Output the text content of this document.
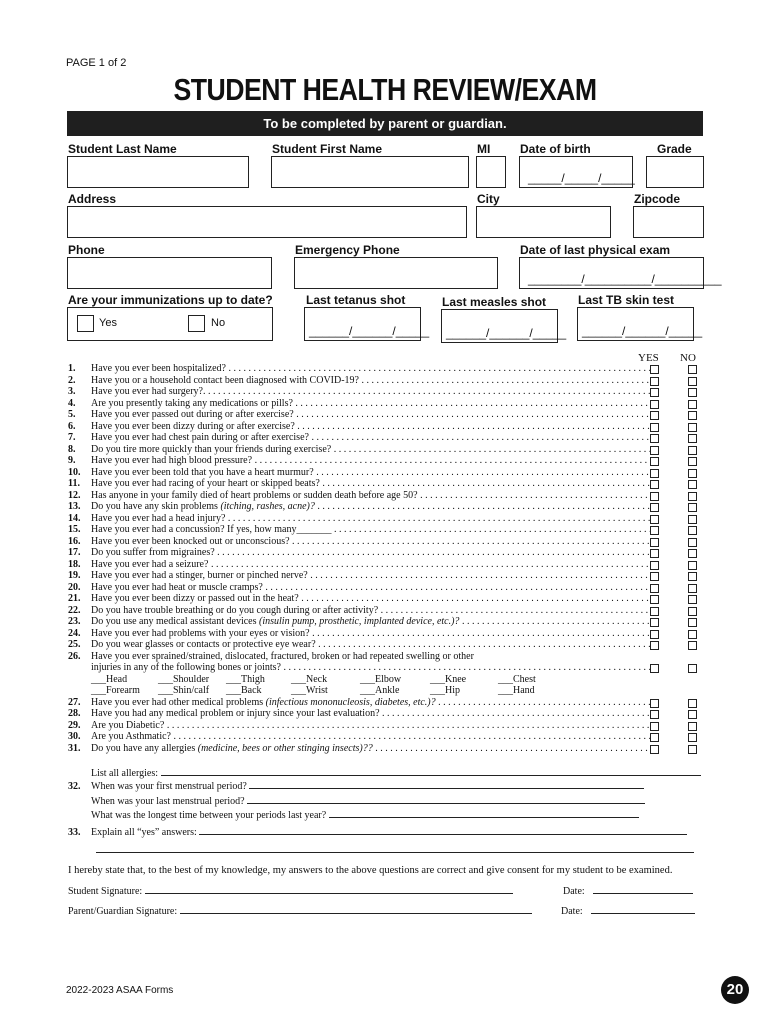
PAGE 1 of 2
STUDENT HEALTH REVIEW/EXAM
To be completed by parent or guardian.
Student Last Name	Student First Name	MI Date of birth
_____/_____/_____
Grade
Address	City	Zipcode
Phone	Emergency Phone	Date of last physical exam
________/__________/__________
Are your immunizations up to date?
Yes	No
Last tetanus shot
______/______/_____
Last measles shot
______/______/_____
Last TB skin test
______/______/_____
YES NO
1.	Have you ever been hospitalized? . . .
2.	Have you or a household contact been diagnosed with COVID-19? . . .
3.	Have you ever had surgery?. . . .
4.	Are you presently taking any medications or pills? . . .
5.	Have you ever passed out during or after exercise? . . .
6.	Have you ever been dizzy during or after exercise? . . .
7.	Have you ever had chest pain during or after exercise? . . .
8.	Do you tire more quickly than your friends during exercise? . . .
9.	Have you ever had high blood pressure? . . .
10.	Have you ever been told that you have a heart murmur? . . .
11.	Have you ever had racing of your heart or skipped beats? . . .
12.	Has anyone in your family died of heart problems or sudden death before age 50? . . .
13.	Do you have any skin problems (itching, rashes, acne)? . . .
14.	Have you ever had a head injury? . . .
15.	Have you ever had a concussion? If yes, how many_______ . . .
16.	Have you ever been knocked out or unconscious? . . .
17.	Do you suffer from migraines? . . .
18.	Have you ever had a seizure? . . .
19.	Have you ever had a stinger, burner or pinched nerve? . . .
20.	Have you ever had heat or muscle cramps? . . .
21.	Have you ever been dizzy or passed out in the heat? . . .
22.	Do you have trouble breathing or do you cough during or after activity? . . .
23.	Do you use any medical assistant devices (insulin pump, prosthetic, implanted device, etc.)? . . .
24.	Have you ever had problems with your eyes or vision? . . .
25.	Do you wear glasses or contacts or protective eye wear? . . .
26.	Have you ever sprained/strained, dislocated, fractured, broken or had repeated swelling or other
injuries in any of the following bones or joints? . . .
___Head	___Shoulder ___Thigh	___Neck	___Elbow	___Knee	___Chest
___Forearm ___Shin/calf ___Back	___Wrist	___Ankle	___Hip	___Hand
27.	Have you ever had other medical problems (infectious mononucleosis, diabetes, etc.)? . . .
28.	Have you had any medical problem or injury since your last evaluation? . . .
29.	Are you Diabetic? . . .
30.	Are you Asthmatic? . . .
31.	Do you have any allergies (medicine, bees or other stinging insects)?? . . .
List all allergies:
32. When was your first menstrual period?
When was your last menstrual period?
What was the longest time between your periods last year?
33. Explain all “yes” answers:
I hereby state that, to the best of my knowledge, my answers to the above questions are correct and give consent for my student to be examined.
Student Signature:	Date:
Parent/Guardian Signature:	Date:
2022-2023 ASAA Forms	20
